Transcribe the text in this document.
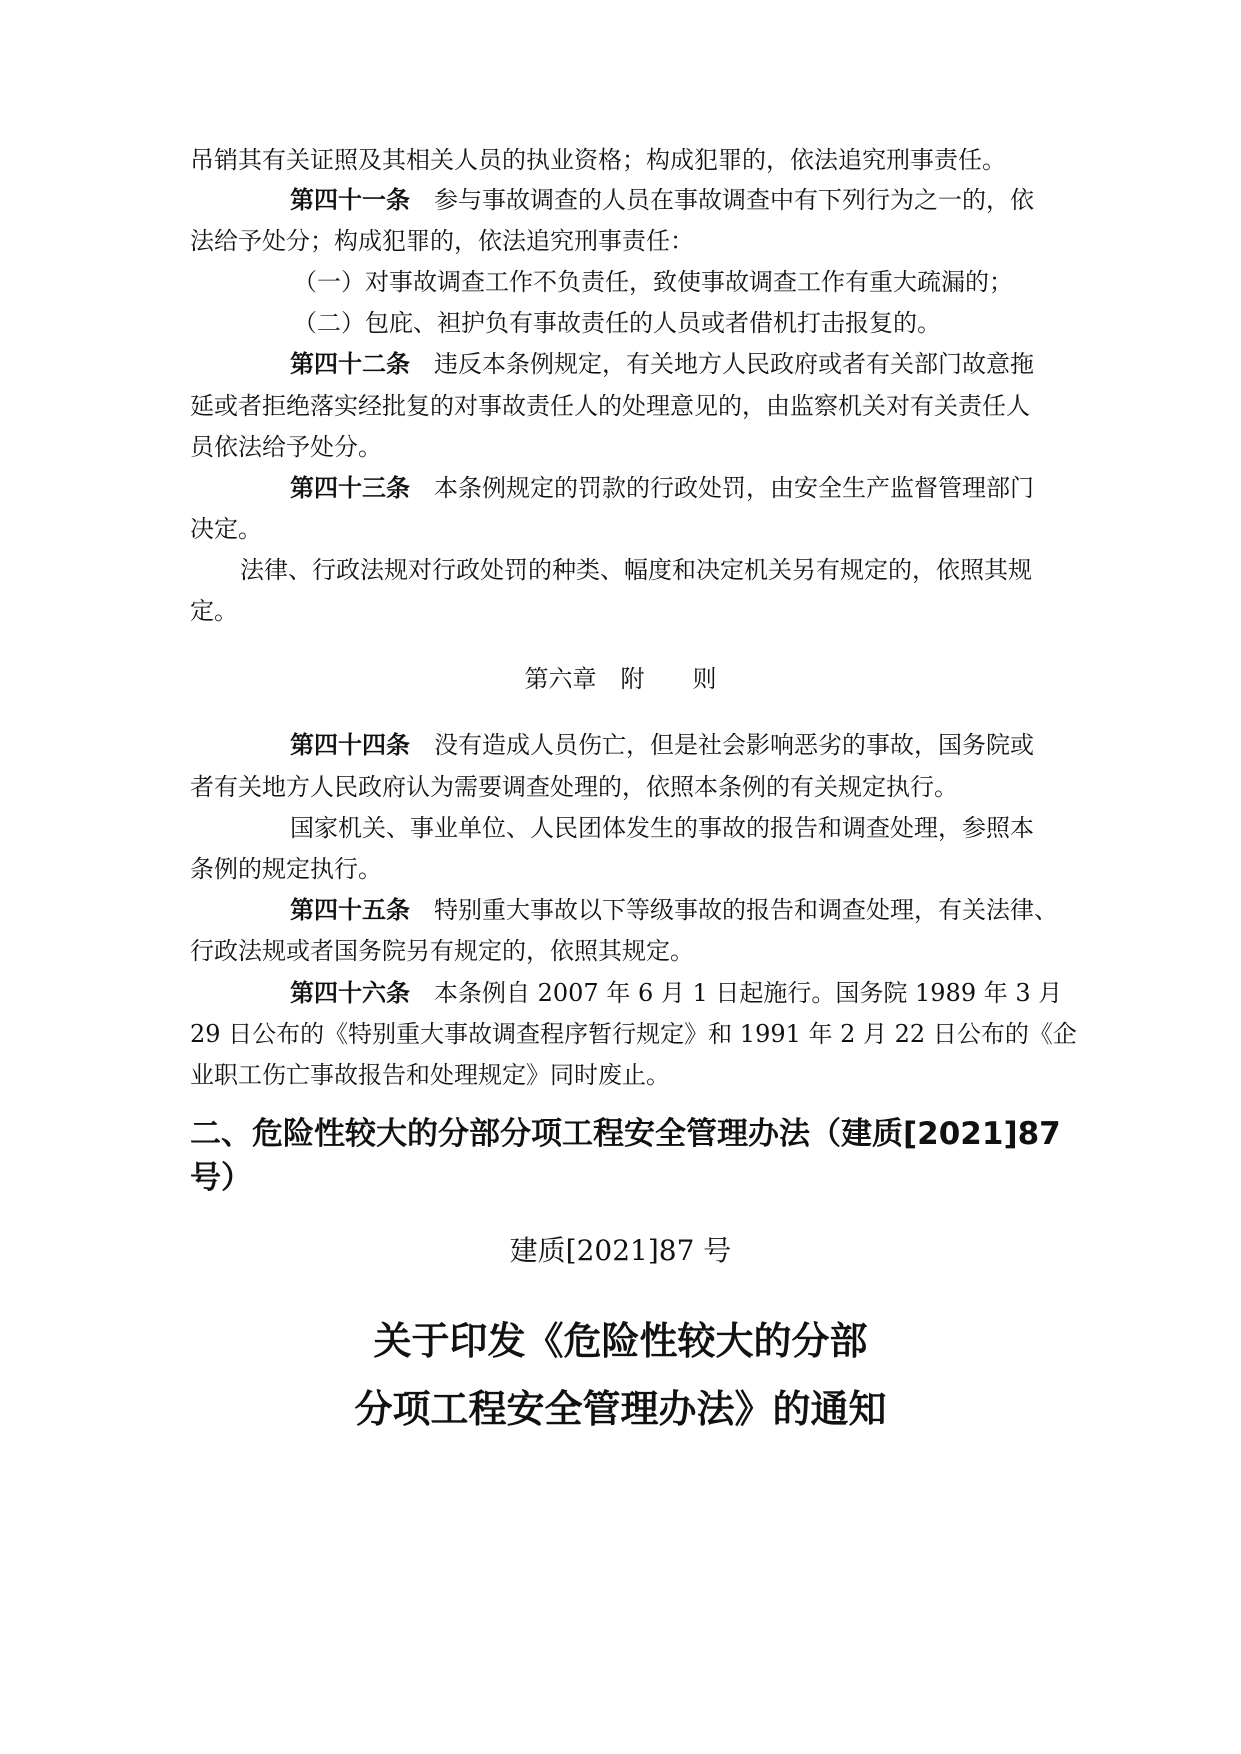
吊销其有关证照及其相关人员的执业资格；构成犯罪的，依法追究刑事责任。
第四十一条 参与事故调查的人员在事故调查中有下列行为之一的，依
法给予处分；构成犯罪的，依法追究刑事责任：
（一）对事故调查工作不负责任，致使事故调查工作有重大疏漏的；
（二）包庇、袒护负有事故责任的人员或者借机打击报复的。
第四十二条 违反本条例规定，有关地方人民政府或者有关部门故意拖
延或者拒绝落实经批复的对事故责任人的处理意见的，由监察机关对有关责任人
员依法给予处分。
第四十三条 本条例规定的罚款的行政处罚，由安全生产监督管理部门
决定。
法律、行政法规对行政处罚的种类、幅度和决定机关另有规定的，依照其规
定。
第六章　附　　则
第四十四条 没有造成人员伤亡，但是社会影响恶劣的事故，国务院或
者有关地方人民政府认为需要调查处理的，依照本条例的有关规定执行。
国家机关、事业单位、人民团体发生的事故的报告和调查处理，参照本
条例的规定执行。
第四十五条 特别重大事故以下等级事故的报告和调查处理，有关法律、
行政法规或者国务院另有规定的，依照其规定。
第四十六条 本条例自 2007 年 6 月 1 日起施行。国务院 1989 年 3 月
29 日公布的《特别重大事故调查程序暂行规定》和 1991 年 2 月 22 日公布的《企
业职工伤亡事故报告和处理规定》同时废止。
二、危险性较大的分部分项工程安全管理办法（建质[2021]87
号）
建质[2021]87 号
关于印发《危险性较大的分部
分项工程安全管理办法》的通知
